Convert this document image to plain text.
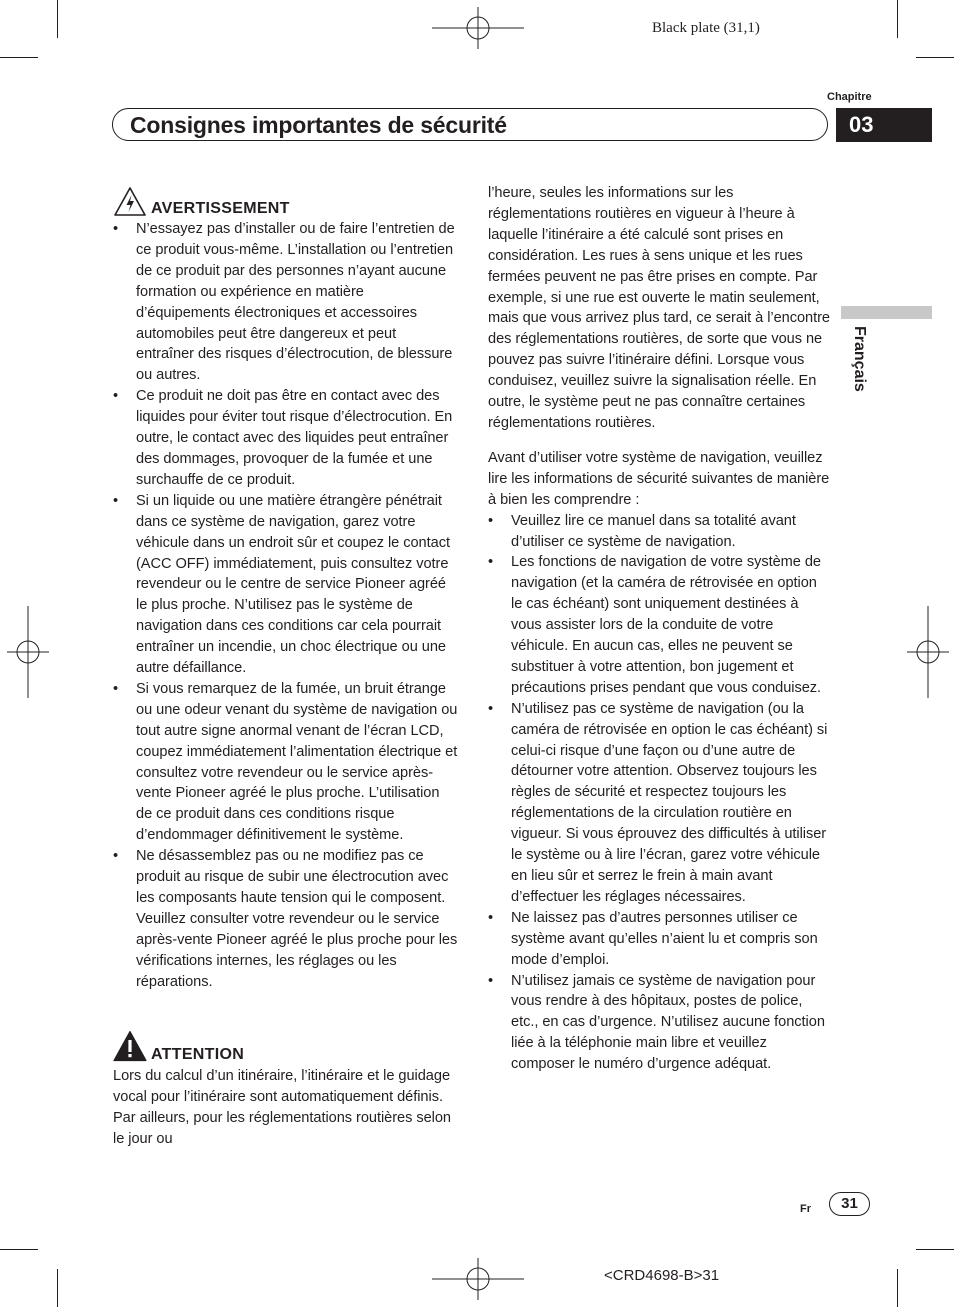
Black plate (31,1)
Chapitre
Consignes importantes de sécurité	03
Français
AVERTISSEMENT
• N’essayez pas d’installer ou de faire l’entretien de ce produit vous-même. L’installation ou l’entretien de ce produit par des personnes n’ayant aucune formation ou expérience en matière d’équipements électroniques et accessoires automobiles peut être dangereux et peut entraîner des risques d’électrocution, de blessure ou autres.
• Ce produit ne doit pas être en contact avec des liquides pour éviter tout risque d’électrocution. En outre, le contact avec des liquides peut entraîner des dommages, provoquer de la fumée et une surchauffe de ce produit.
• Si un liquide ou une matière étrangère pénétrait dans ce système de navigation, garez votre véhicule dans un endroit sûr et coupez le contact (ACC OFF) immédiatement, puis consultez votre revendeur ou le centre de service Pioneer agréé le plus proche. N’utilisez pas le système de navigation dans ces conditions car cela pourrait entraîner un incendie, un choc électrique ou une autre défaillance.
• Si vous remarquez de la fumée, un bruit étrange ou une odeur venant du système de navigation ou tout autre signe anormal venant de l’écran LCD, coupez immédiatement l’alimentation électrique et consultez votre revendeur ou le service après-vente Pioneer agréé le plus proche. L’utilisation de ce produit dans ces conditions risque d’endommager définitivement le système.
• Ne désassemblez pas ou ne modifiez pas ce produit au risque de subir une électrocution avec les composants haute tension qui le composent. Veuillez consulter votre revendeur ou le service après-vente Pioneer agréé le plus proche pour les vérifications internes, les réglages ou les réparations.
ATTENTION

Lors du calcul d’un itinéraire, l’itinéraire et le guidage vocal pour l’itinéraire sont automatiquement définis. Par ailleurs, pour les réglementations routières selon le jour ou

l’heure, seules les informations sur les réglementations routières en vigueur à l’heure à laquelle l’itinéraire a été calculé sont prises en considération. Les rues à sens unique et les rues fermées peuvent ne pas être prises en compte. Par exemple, si une rue est ouverte le matin seulement, mais que vous arrivez plus tard, ce serait à l’encontre des réglementations routières, de sorte que vous ne pouvez pas suivre l’itinéraire défini. Lorsque vous conduisez, veuillez suivre la signalisation réelle. En outre, le système peut ne pas connaître certaines réglementations routières.

Avant d’utiliser votre système de navigation, veuillez lire les informations de sécurité suivantes de manière à bien les comprendre :

• Veuillez lire ce manuel dans sa totalité avant d’utiliser ce système de navigation.
• Les fonctions de navigation de votre système de navigation (et la caméra de rétrovisée en option le cas échéant) sont uniquement destinées à vous assister lors de la conduite de votre véhicule. En aucun cas, elles ne peuvent se substituer à votre attention, bon jugement et précautions prises pendant que vous conduisez.
• N’utilisez pas ce système de navigation (ou la caméra de rétrovisée en option le cas échéant) si celui-ci risque d’une façon ou d’une autre de détourner votre attention. Observez toujours les règles de sécurité et respectez toujours les réglementations de la circulation routière en vigueur. Si vous éprouvez des difficultés à utiliser le système ou à lire l’écran, garez votre véhicule en lieu sûr et serrez le frein à main avant d’effectuer les réglages nécessaires.
• Ne laissez pas d’autres personnes utiliser ce système avant qu’elles n’aient lu et compris son mode d’emploi.
• N’utilisez jamais ce système de navigation pour vous rendre à des hôpitaux, postes de police, etc., en cas d’urgence. N’utilisez aucune fonction liée à la téléphonie main libre et veuillez composer le numéro d’urgence adéquat.
Fr	31
<CRD4698-B>31
